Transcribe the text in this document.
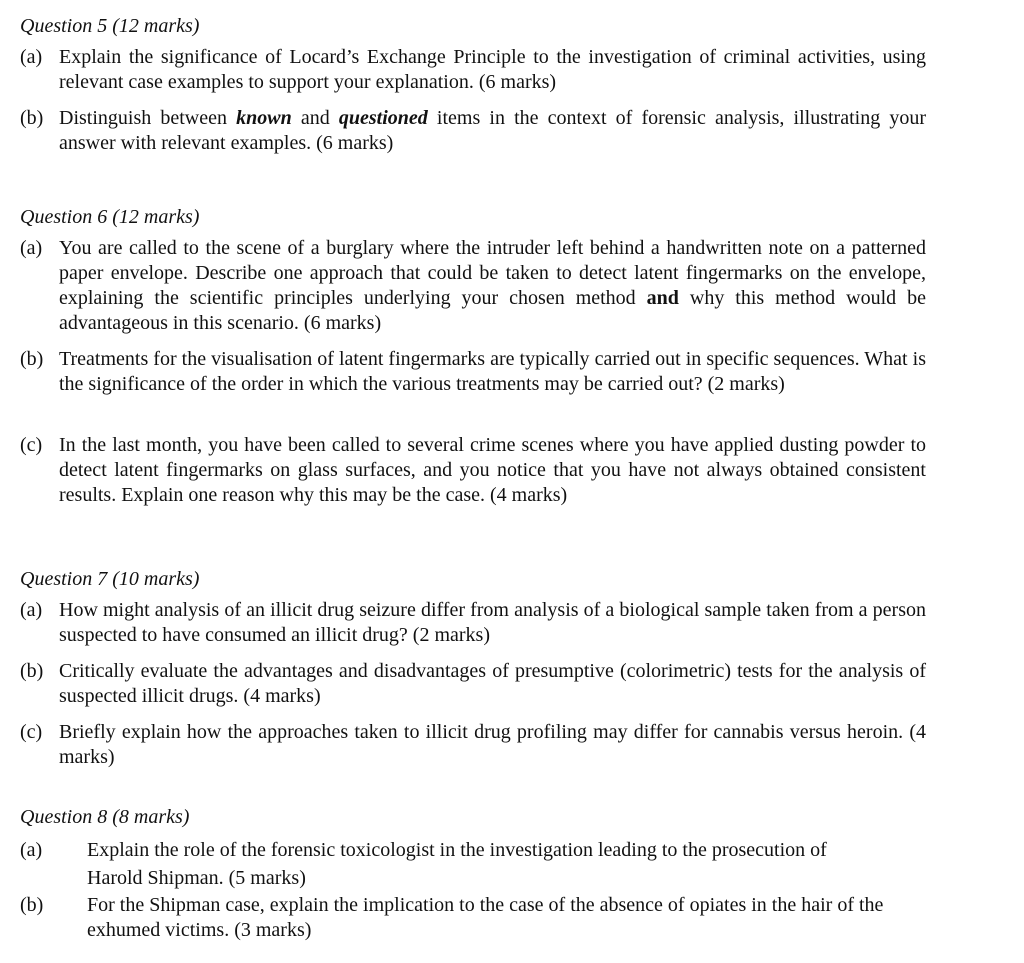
Question 5 (12 marks)
(a) Explain the significance of Locard’s Exchange Principle to the investigation of criminal activities, using relevant case examples to support your explanation. (6 marks)
(b) Distinguish between known and questioned items in the context of forensic analysis, illustrating your answer with relevant examples. (6 marks)
Question 6 (12 marks)
(a) You are called to the scene of a burglary where the intruder left behind a handwritten note on a patterned paper envelope. Describe one approach that could be taken to detect latent fingermarks on the envelope, explaining the scientific principles underlying your chosen method and why this method would be advantageous in this scenario. (6 marks)
(b) Treatments for the visualisation of latent fingermarks are typically carried out in specific sequences. What is the significance of the order in which the various treatments may be carried out? (2 marks)
(c) In the last month, you have been called to several crime scenes where you have applied dusting powder to detect latent fingermarks on glass surfaces, and you notice that you have not always obtained consistent results. Explain one reason why this may be the case. (4 marks)
Question 7 (10 marks)
(a) How might analysis of an illicit drug seizure differ from analysis of a biological sample taken from a person suspected to have consumed an illicit drug? (2 marks)
(b) Critically evaluate the advantages and disadvantages of presumptive (colorimetric) tests for the analysis of suspected illicit drugs. (4 marks)
(c) Briefly explain how the approaches taken to illicit drug profiling may differ for cannabis versus heroin. (4 marks)
Question 8 (8 marks)
(a) Explain the role of the forensic toxicologist in the investigation leading to the prosecution of Harold Shipman. (5 marks)
(b) For the Shipman case, explain the implication to the case of the absence of opiates in the hair of the exhumed victims. (3 marks)
